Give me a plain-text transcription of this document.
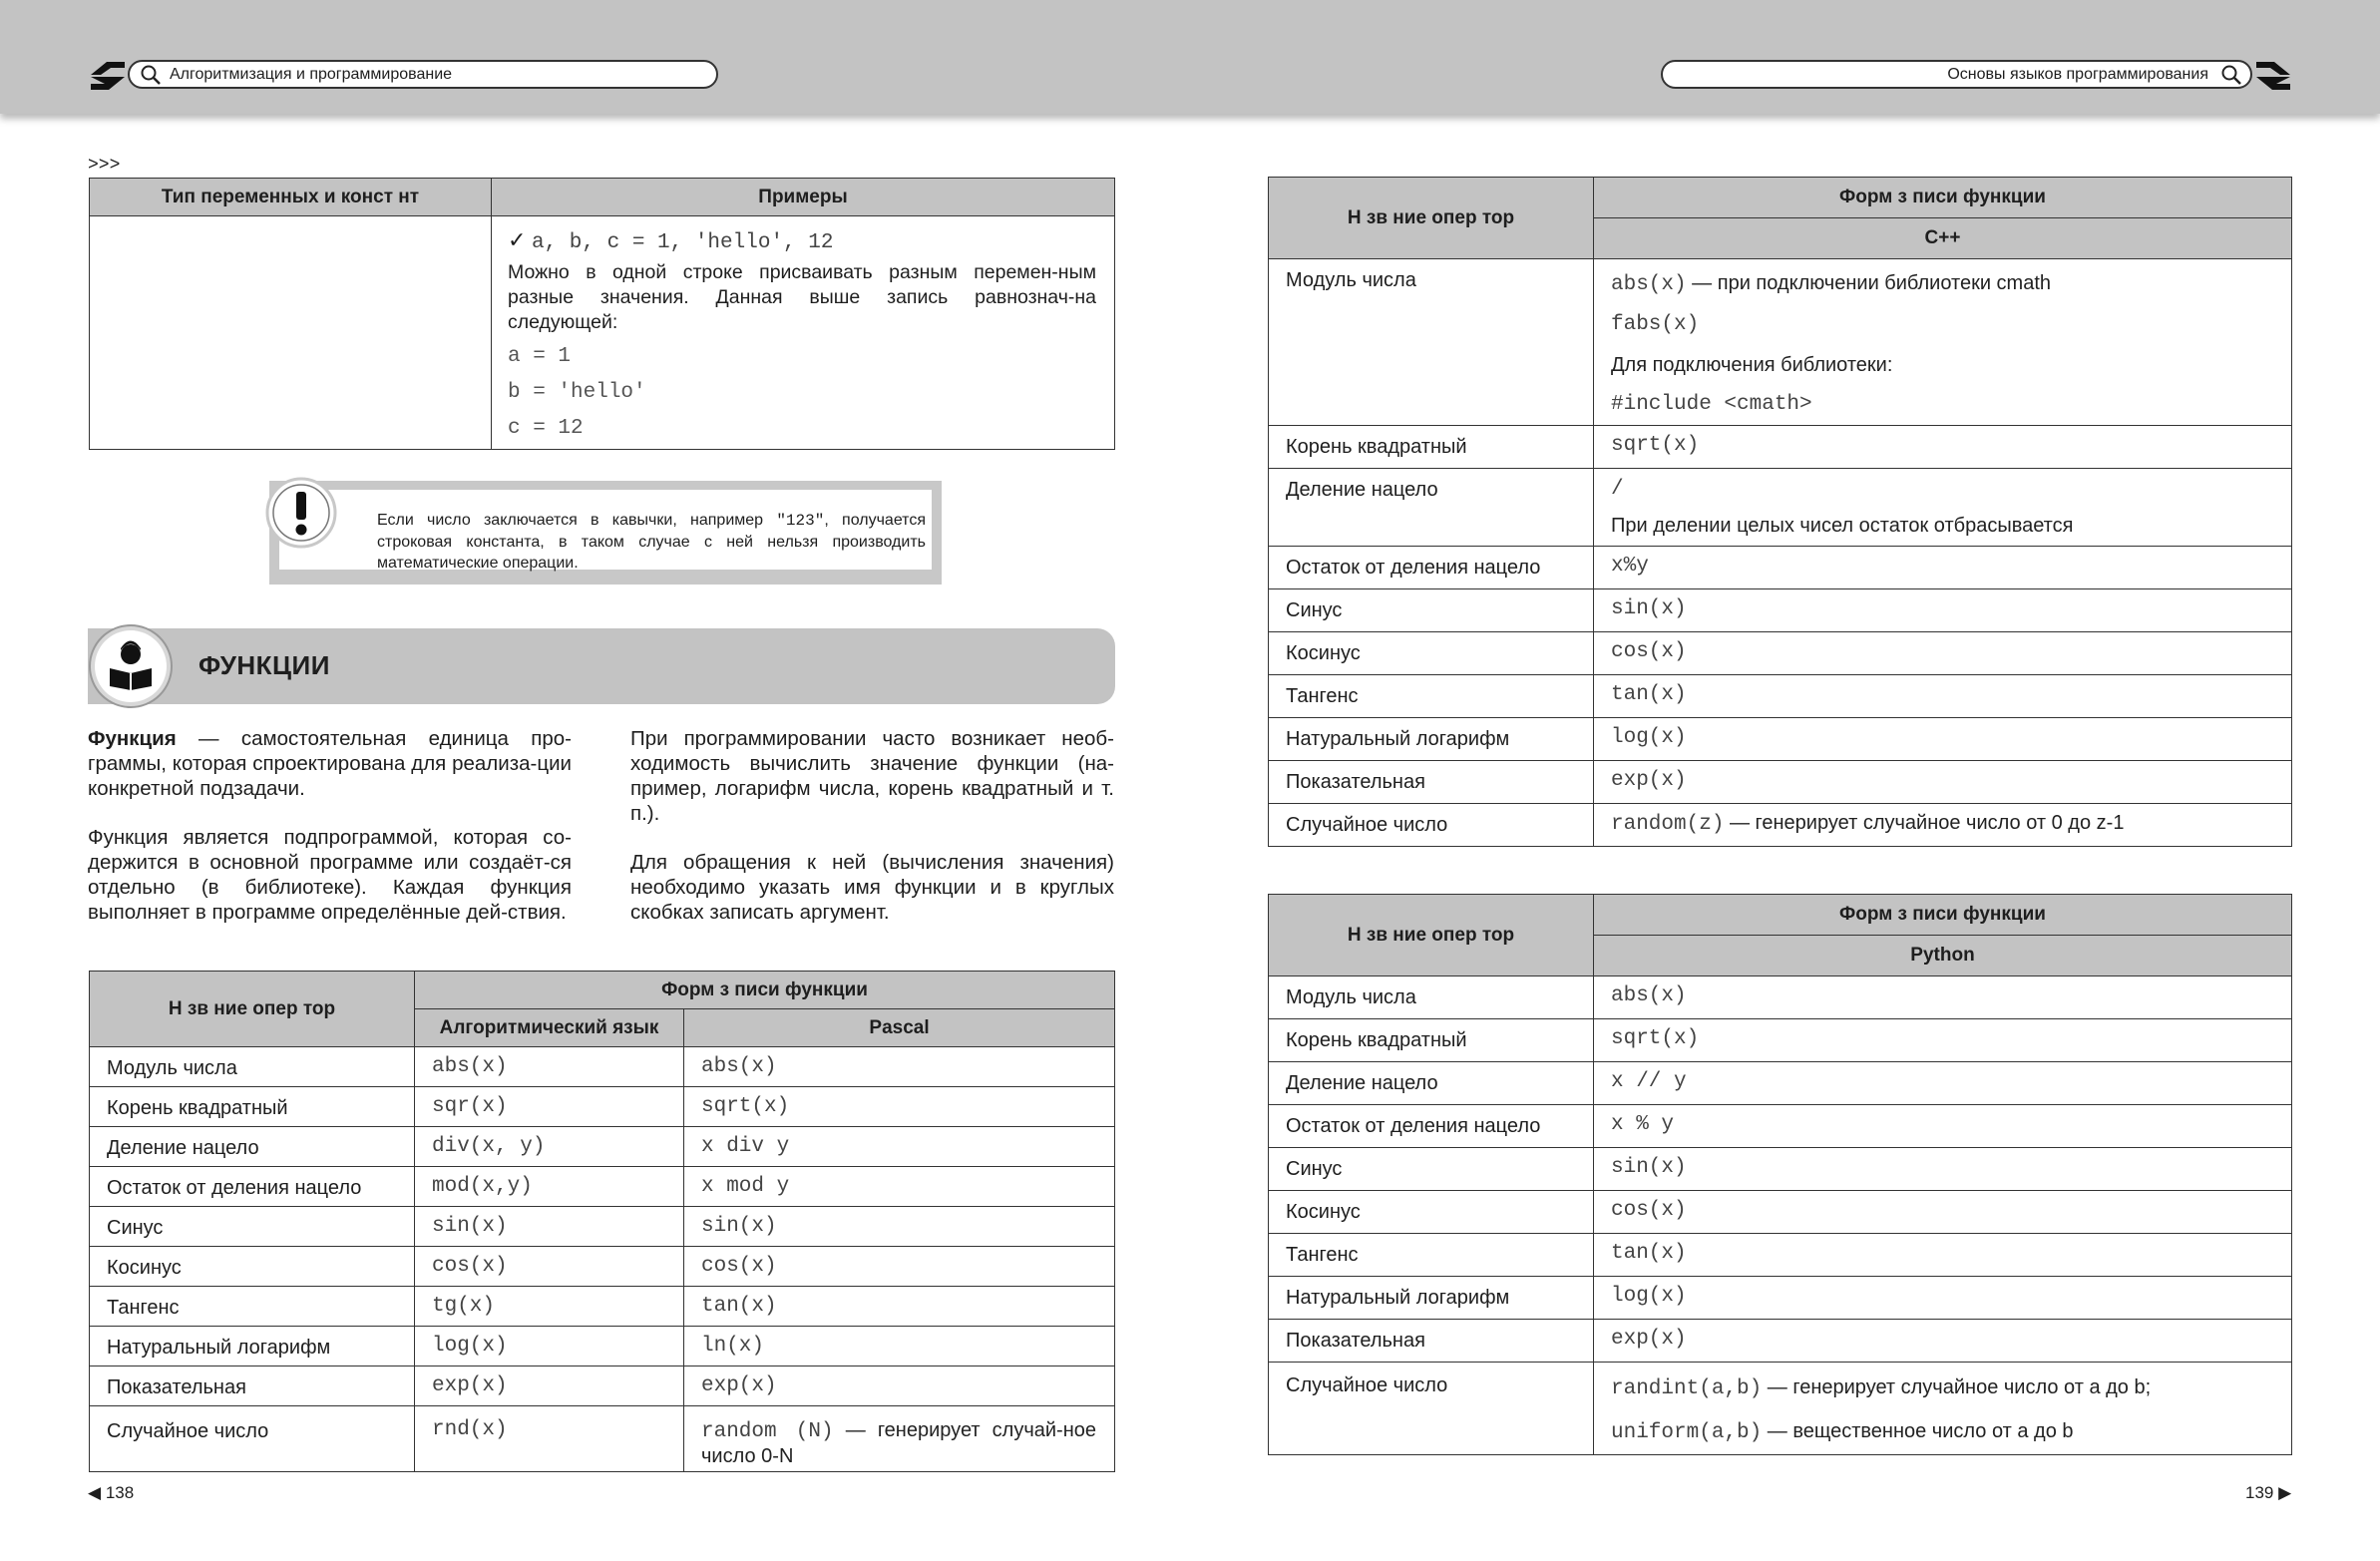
Алгоритмизация и программирование	Основы языков программирования
>>>
Тип переменных и конст нт	Примеры

	✓ a, b, c = 1, 'hello', 12
Можно в одной строке присваивать разным перемен-ным разные значения. Данная выше запись равнознач-на следующей:
a = 1
b = 'hello'
c = 12
Если число заключается в кавычки, например "123", получается строковая константа, в таком случае с ней нельзя производить математические операции.
ФУНКЦИИ
Функция — самостоятельная единица про-граммы, которая спроектирована для реализа-ции конкретной подзадачи.
Функция является подпрограммой, которая со-держится в основной программе или создаёт-ся отдельно (в библиотеке). Каждая функция выполняет в программе определённые дей-ствия.
При программировании часто возникает необ-ходимость вычислить значение функции (на-пример, логарифм числа, корень квадратный и т. п.).
Для обращения к ней (вычисления значения) необходимо указать имя функции и в круглых скобках записать аргумент.
Н зв ние опер тор	Форм з писи функции	
	Алгоритмический язык	Pascal
Модуль числа	abs(x)	abs(x)
Корень квадратный	sqr(x)	sqrt(x)
Деление нацело	div(x, y)	x div y
Остаток от деления нацело	mod(x,y)	x mod y
Синус	sin(x)	sin(x)
Косинус	cos(x)	cos(x)
Тангенс	tg(x)	tan(x)
Натуральный логарифм	log(x)	ln(x)
Показательная	exp(x)	exp(x)
Случайное число	rnd(x)	random (N) — генерирует случай-ное число 0-N
◀ 138
Н зв ние опер тор	Форм з писи функции
	C++
Модуль числа	abs(x) — при подключении библиотеки cmath
fabs(x)
Для подключения библиотеки:
#include <cmath>

Корень квадратный	sqrt(x)
Деление нацело	/
При делении целых чисел остаток отбрасывается

Остаток от деления нацело	x%y
Синус	sin(x)
Косинус	cos(x)
Тангенс	tan(x)
Натуральный логарифм	log(x)
Показательная	exp(x)
Случайное число	random(z) — генерирует случайное число от 0 до z-1
Н зв ние опер тор	Форм з писи функции
	Python
Модуль числа	abs(x)
Корень квадратный	sqrt(x)
Деление нацело	x // y
Остаток от деления нацело	x % y
Синус	sin(x)
Косинус	cos(x)
Тангенс	tan(x)
Натуральный логарифм	log(x)
Показательная	exp(x)
Случайное число	randint(a,b) — генерирует случайное число от a до b;
uniform(a,b) — вещественное число от a до b
139 ▶
